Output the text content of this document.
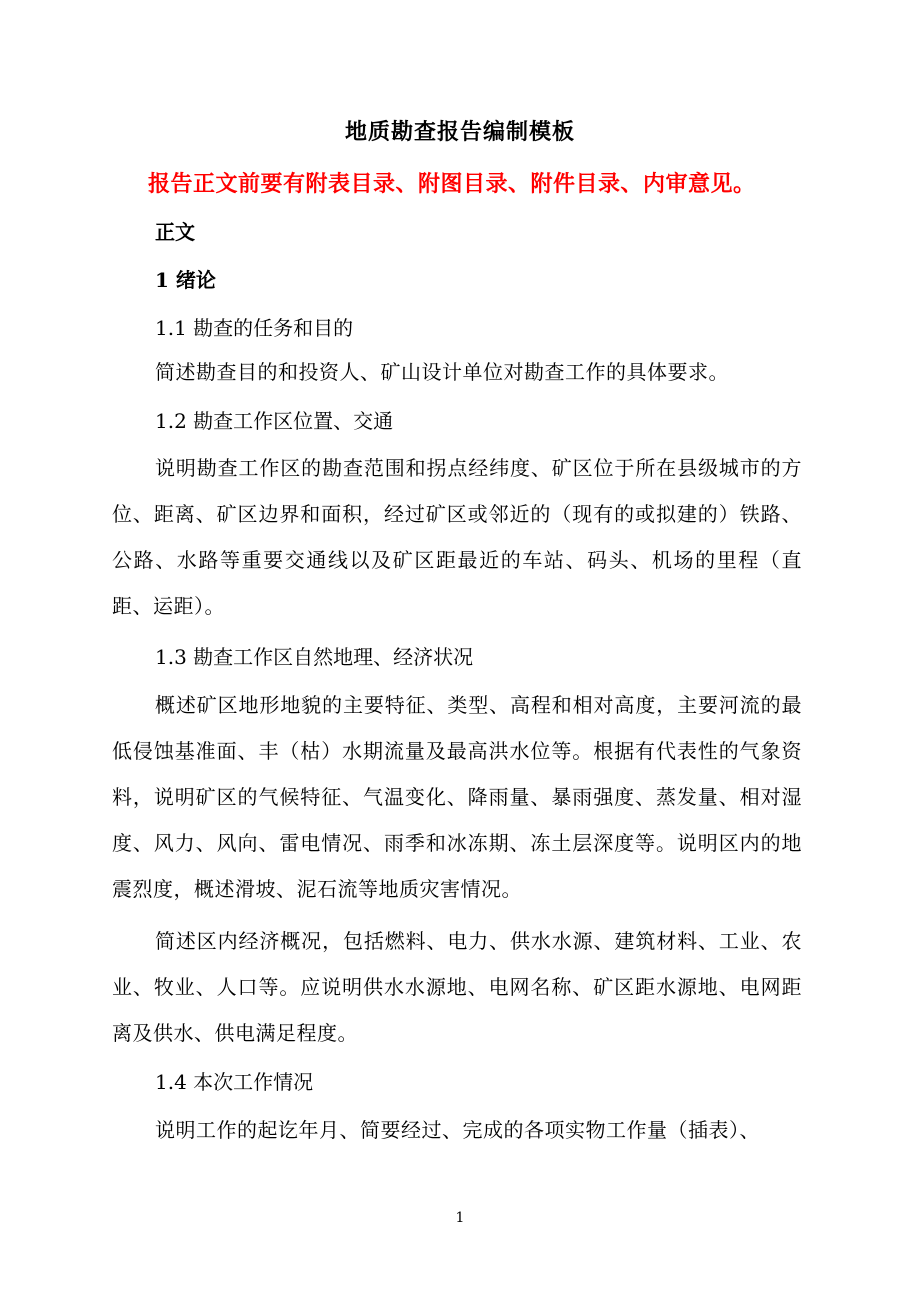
地质勘查报告编制模板
报告正文前要有附表目录、附图目录、附件目录、内审意见。
正文
1 绪论
1.1 勘查的任务和目的
简述勘查目的和投资人、矿山设计单位对勘查工作的具体要求。
1.2 勘查工作区位置、交通
说明勘查工作区的勘查范围和拐点经纬度、矿区位于所在县级城市的方位、距离、矿区边界和面积，经过矿区或邻近的（现有的或拟建的）铁路、公路、水路等重要交通线以及矿区距最近的车站、码头、机场的里程（直距、运距）。
1.3 勘查工作区自然地理、经济状况
概述矿区地形地貌的主要特征、类型、高程和相对高度，主要河流的最低侵蚀基准面、丰（枯）水期流量及最高洪水位等。根据有代表性的气象资料，说明矿区的气候特征、气温变化、降雨量、暴雨强度、蒸发量、相对湿度、风力、风向、雷电情况、雨季和冰冻期、冻土层深度等。说明区内的地震烈度，概述滑坡、泥石流等地质灾害情况。
简述区内经济概况，包括燃料、电力、供水水源、建筑材料、工业、农业、牧业、人口等。应说明供水水源地、电网名称、矿区距水源地、电网距离及供水、供电满足程度。
1.4 本次工作情况
说明工作的起讫年月、简要经过、完成的各项实物工作量（插表）、
1
